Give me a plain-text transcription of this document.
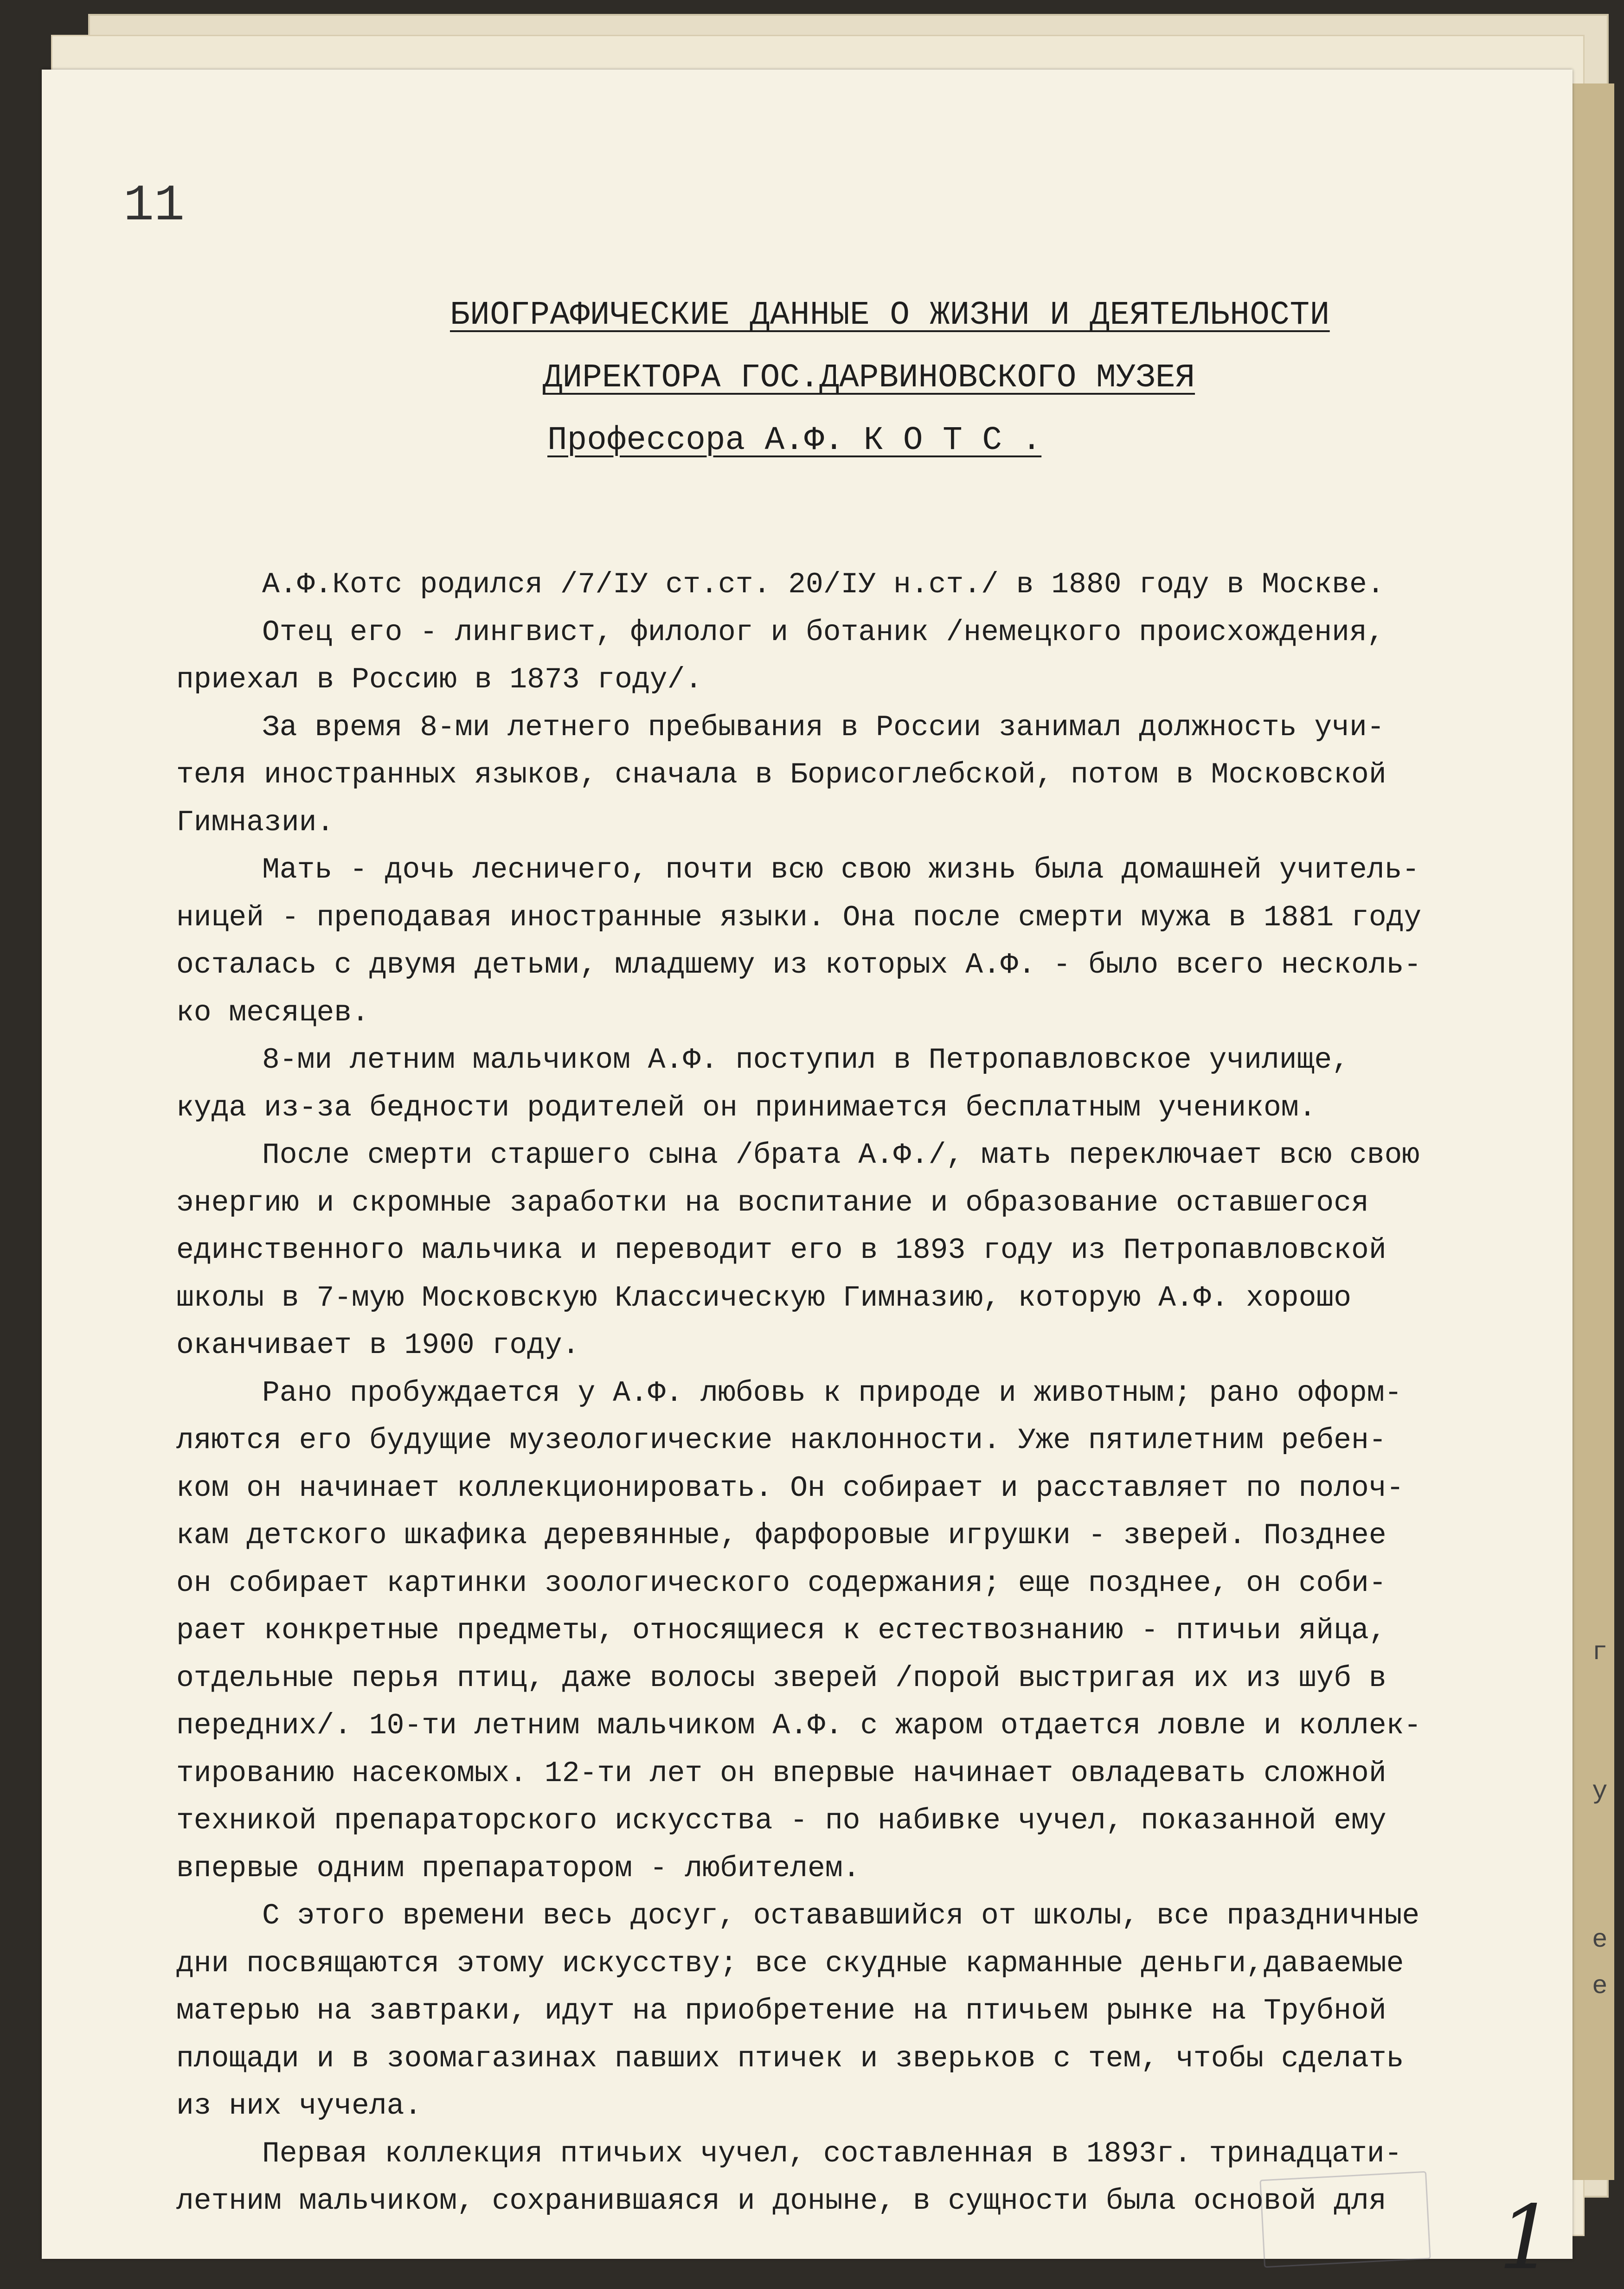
11
БИОГРАФИЧЕСКИЕ ДАННЫЕ О ЖИЗНИ И ДЕЯТЕЛЬНОСТИ
ДИРЕКТОРА ГОС.ДАРВИНОВСКОГО МУЗЕЯ
Профессора А.Ф. К О Т С .
А.Ф.Котс родился /7/IУ ст.ст. 20/IУ н.ст./ в 1880 году в Москве.
Отец его - лингвист, филолог и ботаник /немецкого происхождения,
приехал в Россию в 1873 году/.
За время 8-ми летнего пребывания в России занимал должность учи-
теля иностранных языков, сначала в Борисоглебской, потом в Московской
Гимназии.
Мать - дочь лесничего, почти всю свою жизнь была домашней учитель-
ницей - преподавая иностранные языки. Она после смерти мужа в 1881 году
осталась с двумя детьми, младшему из которых А.Ф. - было всего несколь-
ко месяцев.
8-ми летним мальчиком А.Ф. поступил в Петропавловское училище,
куда из-за бедности родителей он принимается бесплатным учеником.
После смерти старшего сына /брата А.Ф./, мать переключает всю свою
энергию и скромные заработки на воспитание и образование оставшегося
единственного мальчика и переводит его в 1893 году из Петропавловской
школы в 7-мую Московскую Классическую Гимназию, которую А.Ф. хорошо
оканчивает в 1900 году.
Рано пробуждается у А.Ф. любовь к природе и животным; рано оформ-
ляются его будущие музеологические наклонности. Уже пятилетним ребен-
ком он начинает коллекционировать. Он собирает и расставляет по полоч-
кам детского шкафика деревянные, фарфоровые игрушки - зверей. Позднее
он собирает картинки зоологического содержания; еще позднее, он соби-
рает конкретные предметы, относящиеся к естествознанию - птичьи яйца,
отдельные перья птиц, даже волосы зверей /порой выстригая их из шуб в
передних/. 10-ти летним мальчиком А.Ф. с жаром отдается ловле и коллек-
тированию насекомых. 12-ти лет он впервые начинает овладевать сложной
техникой препараторского искусства - по набивке чучел, показанной ему
впервые одним препаратором - любителем.
С этого времени весь досуг, остававшийся от школы, все праздничные
дни посвящаются этому искусству; все скудные карманные деньги,даваемые
матерью на завтраки, идут на приобретение на птичьем рынке на Трубной
площади и в зоомагазинах павших птичек и зверьков с тем, чтобы сделать
из них чучела.
Первая коллекция птичьих чучел, составленная в 1893г. тринадцати-
летним мальчиком, сохранившаяся и доныне, в сущности была основой для
г
у
е
е
1
